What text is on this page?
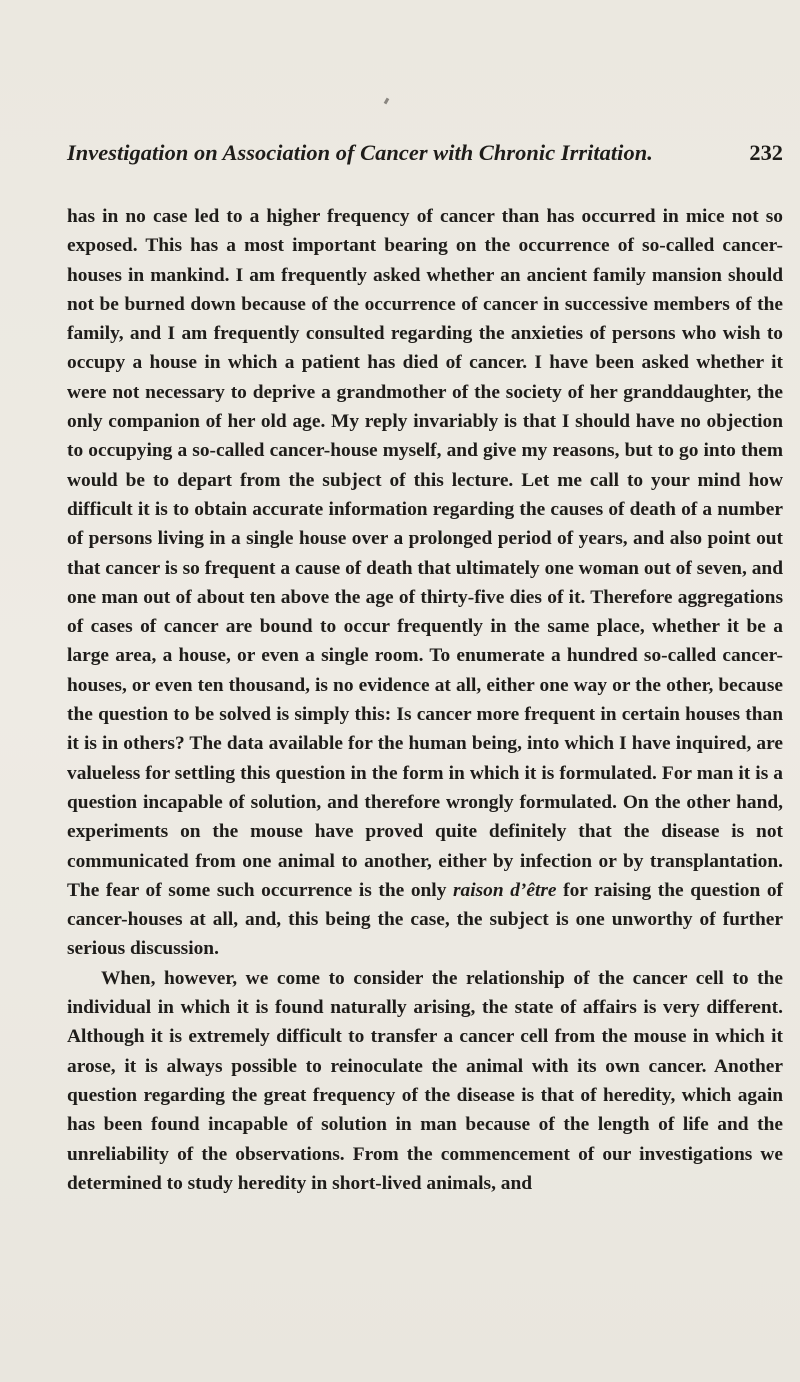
Investigation on Association of Cancer with Chronic Irritation.	232

has in no case led to a higher frequency of cancer than has occurred in mice not so exposed. This has a most important bearing on the occurrence of so-called cancer-houses in mankind. I am frequently asked whether an ancient family mansion should not be burned down because of the occurrence of cancer in successive members of the family, and I am frequently consulted regarding the anxieties of persons who wish to occupy a house in which a patient has died of cancer. I have been asked whether it were not necessary to deprive a grandmother of the society of her granddaughter, the only companion of her old age. My reply invariably is that I should have no objection to occupying a so-called cancer-house myself, and give my reasons, but to go into them would be to depart from the subject of this lecture. Let me call to your mind how difficult it is to obtain accurate information regarding the causes of death of a number of persons living in a single house over a prolonged period of years, and also point out that cancer is so frequent a cause of death that ultimately one woman out of seven, and one man out of about ten above the age of thirty-five dies of it. Therefore aggregations of cases of cancer are bound to occur frequently in the same place, whether it be a large area, a house, or even a single room. To enumerate a hundred so-called cancer-houses, or even ten thousand, is no evidence at all, either one way or the other, because the question to be solved is simply this: Is cancer more frequent in certain houses than it is in others? The data available for the human being, into which I have inquired, are valueless for settling this question in the form in which it is formulated. For man it is a question incapable of solution, and therefore wrongly formulated. On the other hand, experiments on the mouse have proved quite definitely that the disease is not communicated from one animal to another, either by infection or by transplantation. The fear of some such occurrence is the only raison d’être for raising the question of cancer-houses at all, and, this being the case, the subject is one unworthy of further serious discussion.

When, however, we come to consider the relationship of the cancer cell to the individual in which it is found naturally arising, the state of affairs is very different. Although it is extremely difficult to transfer a cancer cell from the mouse in which it arose, it is always possible to reinoculate the animal with its own cancer. Another question regarding the great frequency of the disease is that of heredity, which again has been found incapable of solution in man because of the length of life and the unreliability of the observations. From the commencement of our investigations we determined to study heredity in short-lived animals, and
